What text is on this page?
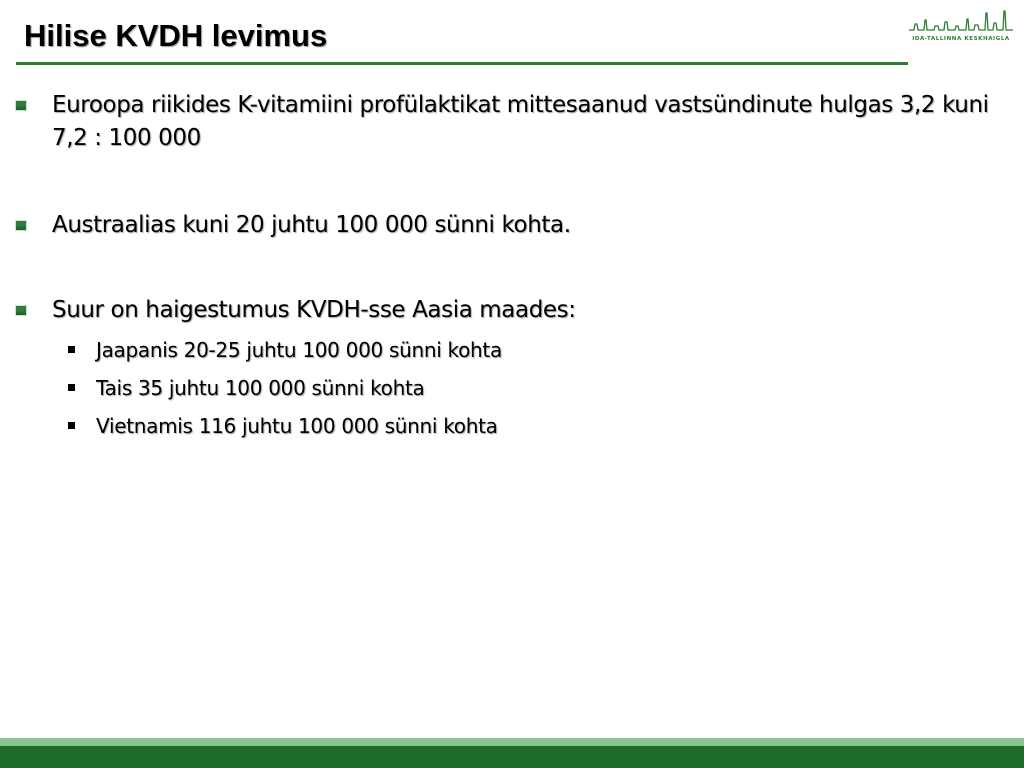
Hilise KVDH levimus	IDA-TALLINNA KESKHAIGLA
Euroopa riikides K-vitamiini profülaktikat mittesaanud vastsündinute hulgas 3,2 kuni 7,2 : 100 000
Austraalias kuni 20 juhtu 100 000 sünni kohta.
Suur on haigestumus KVDH-sse Aasia maades:
Jaapanis 20-25 juhtu 100 000 sünni kohta
Tais 35 juhtu 100 000 sünni kohta
Vietnamis 116 juhtu 100 000 sünni kohta
